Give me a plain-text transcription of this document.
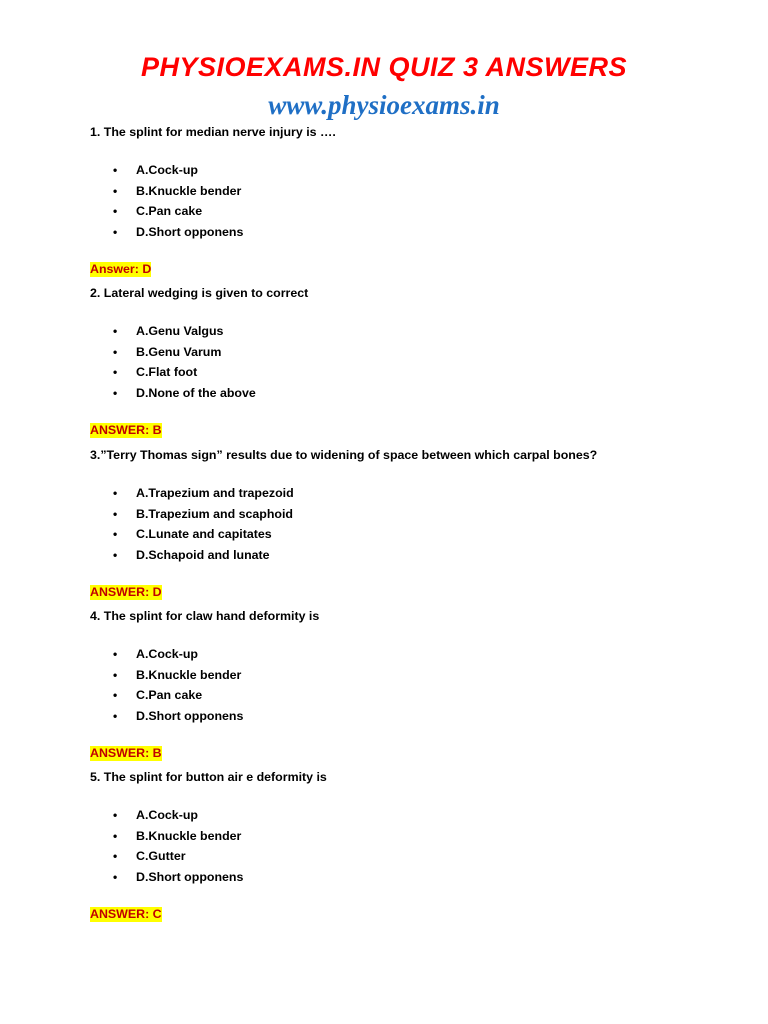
PHYSIOEXAMS.IN QUIZ 3 ANSWERS
www.physioexams.in

1. The splint for median nerve injury is ….

• A.Cock-up
• B.Knuckle bender
• C.Pan cake
• D.Short opponens
Answer: D

2. Lateral wedging is given to correct

• A.Genu Valgus
• B.Genu Varum
• C.Flat foot
• D.None of the above
ANSWER: B

3.”Terry Thomas sign” results due to widening of space between which carpal bones?

• A.Trapezium and trapezoid
• B.Trapezium and scaphoid
• C.Lunate and capitates
• D.Schapoid and lunate
ANSWER: D

4. The splint for claw hand deformity is

• A.Cock-up
• B.Knuckle bender
• C.Pan cake
• D.Short opponens
ANSWER: B

5. The splint for button air e deformity is

• A.Cock-up
• B.Knuckle bender
• C.Gutter
• D.Short opponens
ANSWER: C
